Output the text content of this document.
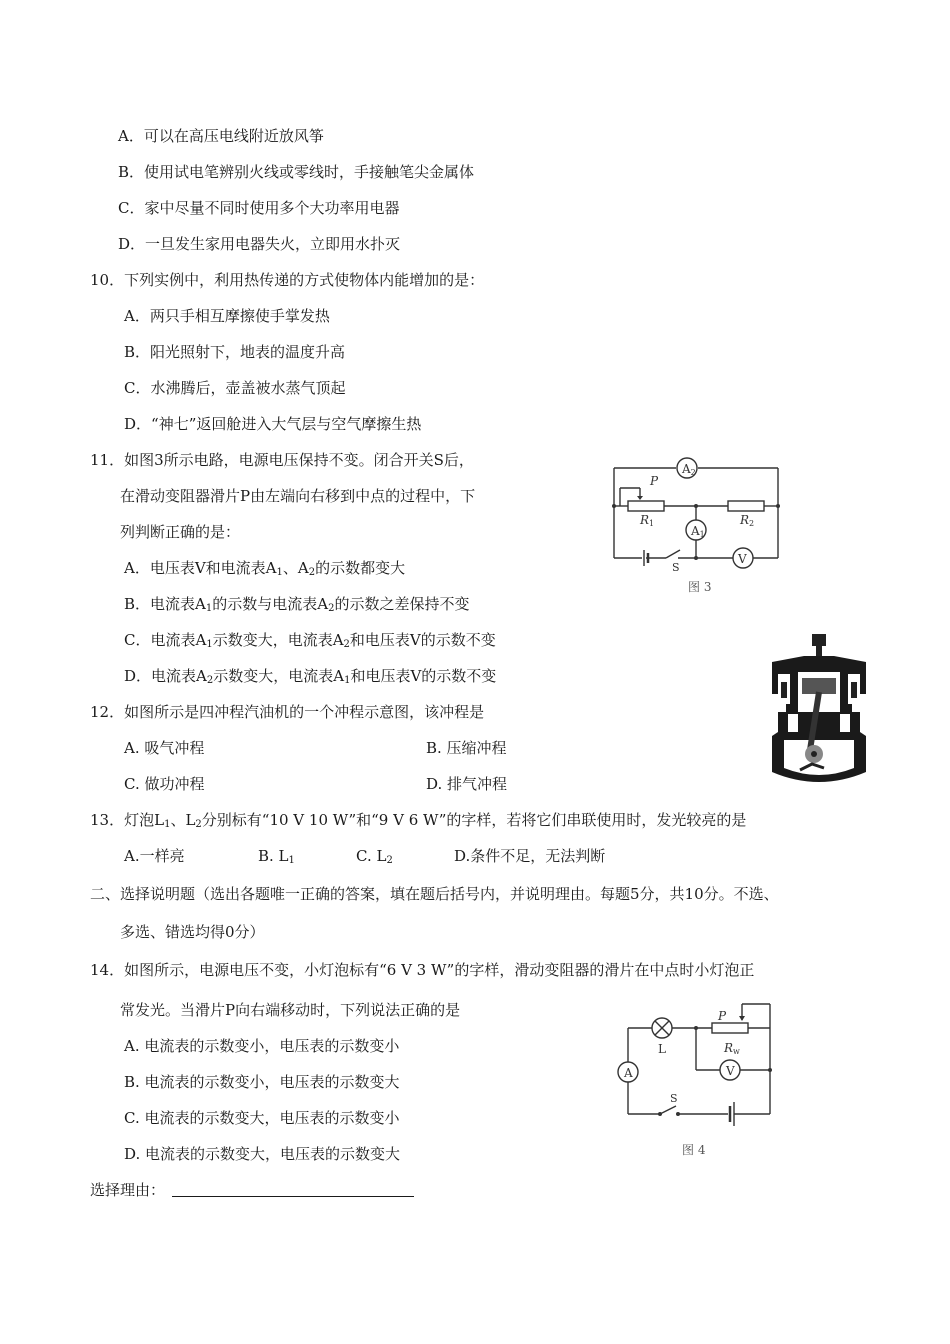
A．可以在高压电线附近放风筝
B．使用试电笔辨别火线或零线时，手接触笔尖金属体
C．家中尽量不同时使用多个大功率用电器
D．一旦发生家用电器失火，立即用水扑灭
10．下列实例中，利用热传递的方式使物体内能增加的是：
A．两只手相互摩擦使手掌发热
B．阳光照射下，地表的温度升高
C．水沸腾后，壶盖被水蒸气顶起
D．“神七”返回舱进入大气层与空气摩擦生热
11．如图3所示电路，电源电压保持不变。闭合开关S后，
在滑动变阻器滑片P由左端向右移到中点的过程中，下
列判断正确的是：
A．电压表V和电流表$A_1$、$A_2$的示数都变大
B．电流表$A_1$的示数与电流表$A_2$的示数之差保持不变
C．电流表$A_1$示数变大，电流表$A_2$和电压表V的示数不变
D．电流表$A_2$示数变大，电流表$A_1$和电压表V的示数不变
A2
A1
V
P
R1	R2
S
图 3
12．如图所示是四冲程汽油机的一个冲程示意图，该冲程是
A. 吸气冲程	B. 压缩冲程
C. 做功冲程	D. 排气冲程
13．灯泡$L_1$、$L_2$分别标有“10 V 10 W”和“9 V 6 W”的字样，若将它们串联使用时，发光较亮的是
A.一样亮	B. $L_1$	C. $L_2$	D.条件不足，无法判断
二、选择说明题（选出各题唯一正确的答案，填在题后括号内，并说明理由。每题5分，共10分。不选、
多选、错选均得0分）
14．如图所示，电源电压不变，小灯泡标有“6 V 3 W”的字样，滑动变阻器的滑片在中点时小灯泡正
常发光。当滑片P向右端移动时，下列说法正确的是
A. 电流表的示数变小，电压表的示数变小
B. 电流表的示数变小，电压表的示数变大
C. 电流表的示数变大，电压表的示数变小
D. 电流表的示数变大，电压表的示数变大
L
P
Rw
A	V
S
图 4
选择理由：
